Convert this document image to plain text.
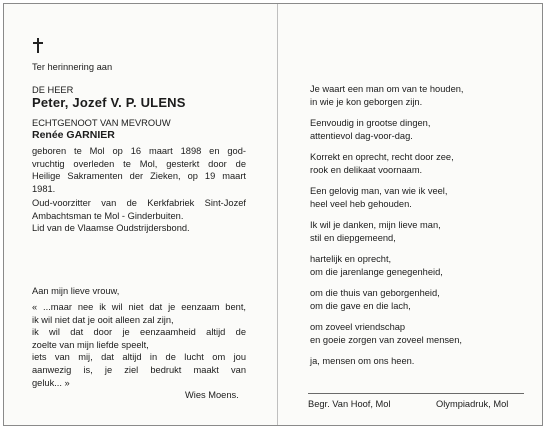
Ter herinnering aan
DE HEER
Peter, Jozef V. P. ULENS
ECHTGENOOT VAN MEVROUW
Renée GARNIER
geboren te Mol op 16 maart 1898 en god-
vruchtig overleden te Mol, gesterkt door de
Heilige Sakramenten der Zieken, op 19 maart
1981.
Oud-voorzitter van de Kerkfabriek Sint-Jozef
Ambachtsman te Mol - Ginderbuiten.
Lid van de Vlaamse Oudstrijdersbond.
Aan mijn lieve vrouw,
« ...maar nee ik wil niet dat je eenzaam bent,
ik wil niet dat je ooit alleen zal zijn,
ik wil dat door je eenzaamheid altijd de
zoelte van mijn liefde speelt,
iets van mij, dat altijd in de lucht om jou
aanwezig is, je ziel bedrukt maakt van
geluk... »
Wies Moens.
Je waart een man om van te houden,
in wie je kon geborgen zijn.
Eenvoudig in grootse dingen,
attentievol dag-voor-dag.
Korrekt en oprecht, recht door zee,
rook en delikaat voornaam.
Een gelovig man, van wie ik veel,
heel veel heb gehouden.
Ik wil je danken, mijn lieve man,
stil en diepgemeend,
hartelijk en oprecht,
om die jarenlange genegenheid,
om die thuis van geborgenheid,
om die gave en die lach,
om zoveel vriendschap
en goeie zorgen van zoveel mensen,
ja, mensen om ons heen.
Begr. Van Hoof, Mol	Olympiadruk, Mol
